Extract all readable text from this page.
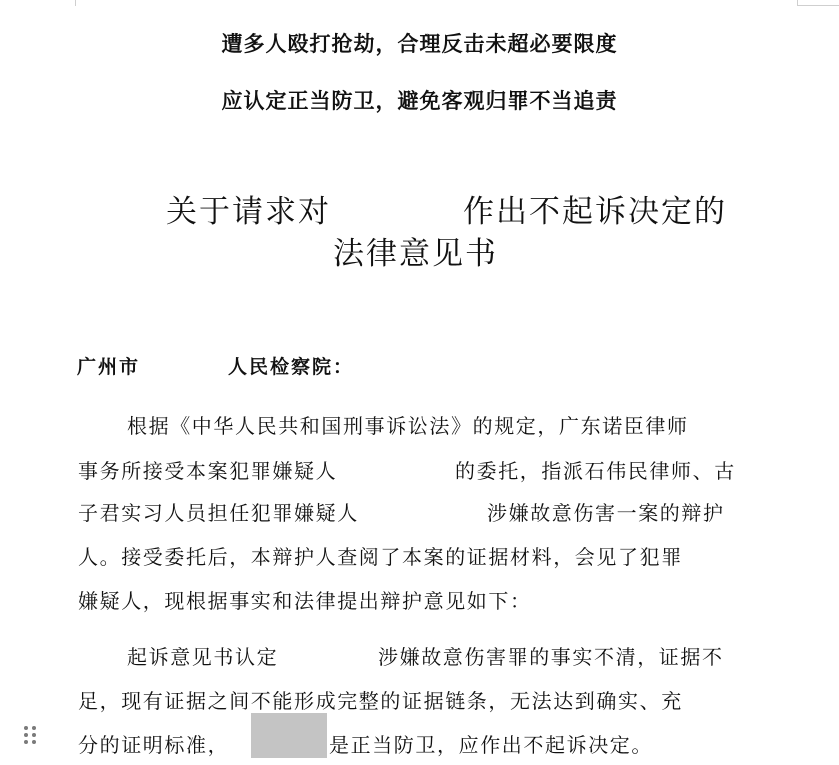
遭多人殴打抢劫，合理反击未超必要限度
应认定正当防卫，避免客观归罪不当追责
关于请求对	作出不起诉决定的
法律意见书
广州市	人民检察院：
根据《中华人民共和国刑事诉讼法》的规定，广东诺臣律师
事务所接受本案犯罪嫌疑人	的委托，指派石伟民律师、古
子君实习人员担任犯罪嫌疑人	涉嫌故意伤害一案的辩护
人。接受委托后，本辩护人查阅了本案的证据材料，会见了犯罪
嫌疑人，现根据事实和法律提出辩护意见如下：
起诉意见书认定	涉嫌故意伤害罪的事实不清，证据不
足，现有证据之间不能形成完整的证据链条，无法达到确实、充
分的证明标准，	是正当防卫，应作出不起诉决定。
